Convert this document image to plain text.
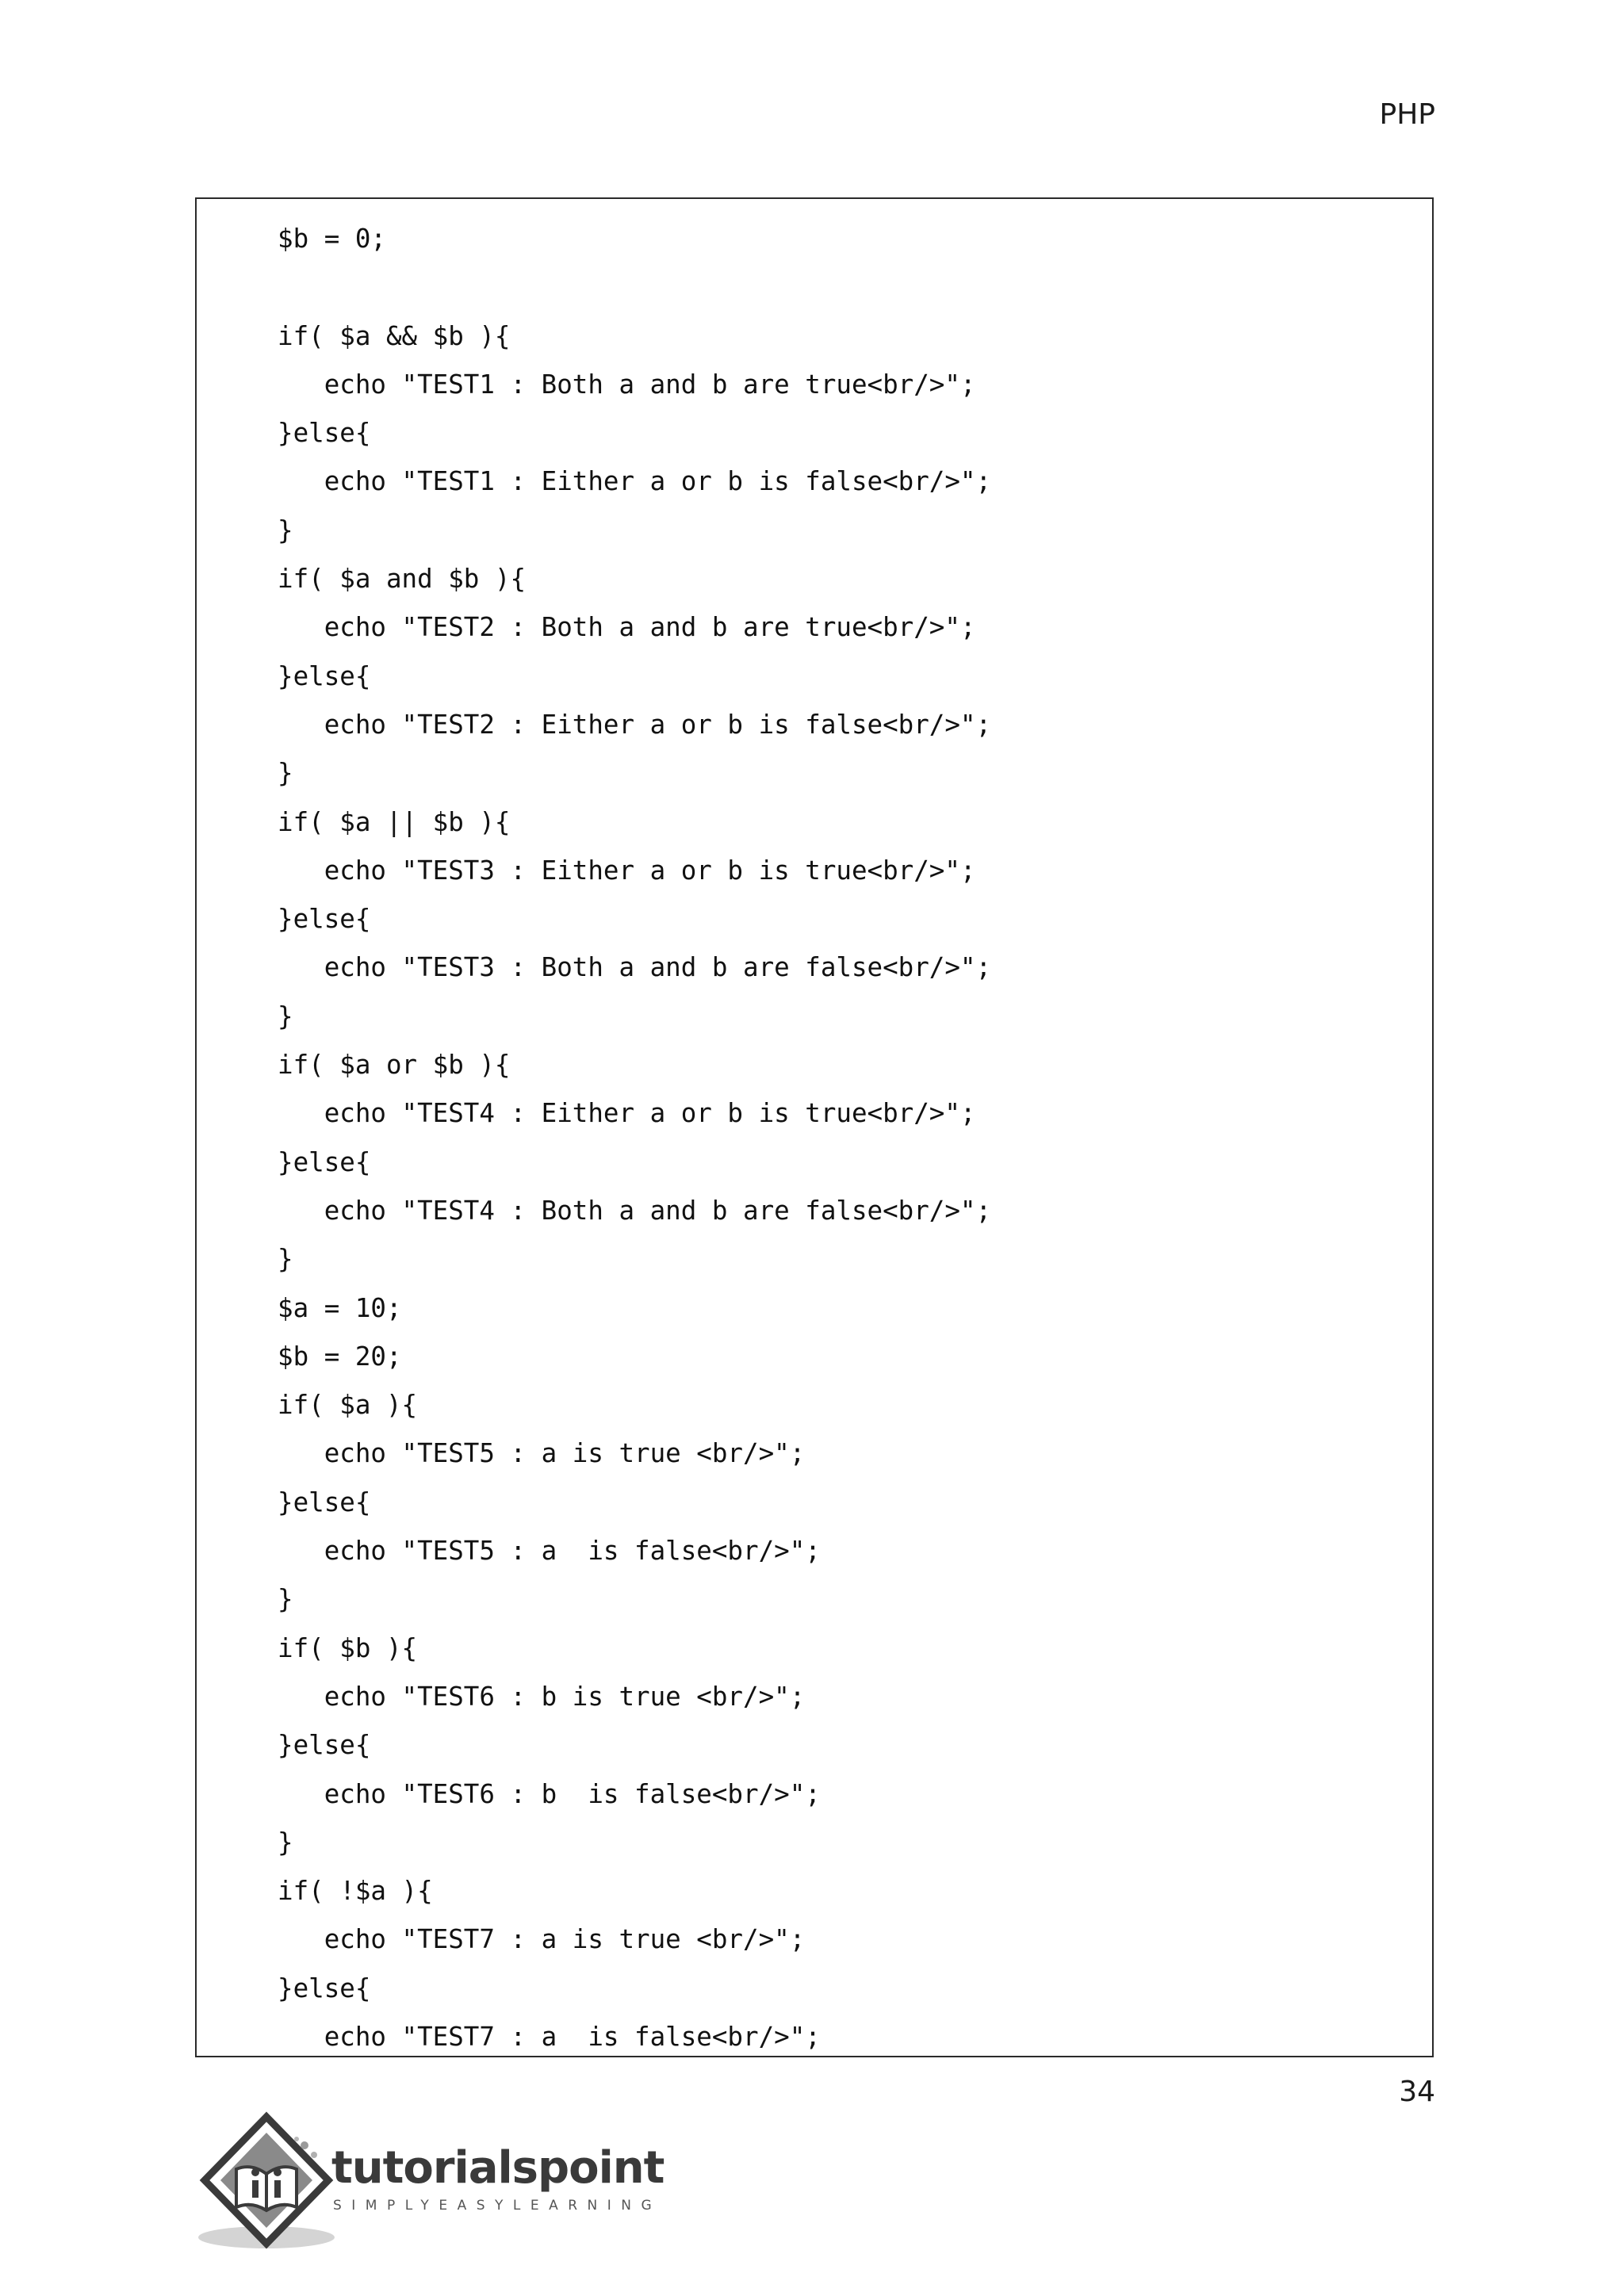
PHP
$b = 0;
if( $a && $b ){
echo "TEST1 : Both a and b are true<br/>";
}else{
echo "TEST1 : Either a or b is false<br/>";
}
if( $a and $b ){
echo "TEST2 : Both a and b are true<br/>";
}else{
echo "TEST2 : Either a or b is false<br/>";
}
if( $a || $b ){
echo "TEST3 : Either a or b is true<br/>";
}else{
echo "TEST3 : Both a and b are false<br/>";
}
if( $a or $b ){
echo "TEST4 : Either a or b is true<br/>";
}else{
echo "TEST4 : Both a and b are false<br/>";
}
$a = 10;
$b = 20;
if( $a ){
echo "TEST5 : a is true <br/>";
}else{
echo "TEST5 : a  is false<br/>";
}
if( $b ){
echo "TEST6 : b is true <br/>";
}else{
echo "TEST6 : b  is false<br/>";
}
if( !$a ){
echo "TEST7 : a is true <br/>";
}else{
echo "TEST7 : a  is false<br/>";
34
tutorialspoint
SIMPLYEASYLEARNING
